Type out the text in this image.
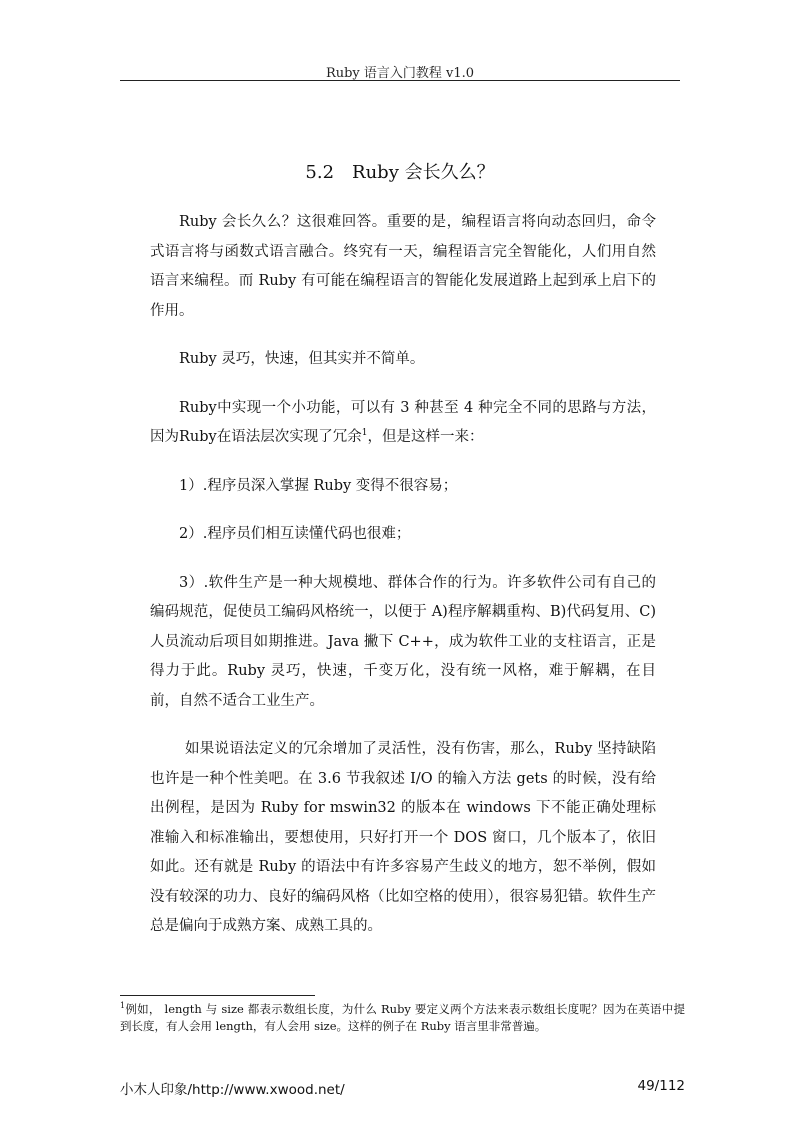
Ruby 语言入门教程 v1.0
5.2 Ruby 会长久么？

Ruby 会长久么？这很难回答。重要的是，编程语言将向动态回归，命令式语言将与函数式语言融合。终究有一天，编程语言完全智能化，人们用自然语言来编程。而 Ruby 有可能在编程语言的智能化发展道路上起到承上启下的作用。

Ruby 灵巧，快速，但其实并不简单。

Ruby中实现一个小功能，可以有 3 种甚至 4 种完全不同的思路与方法，因为Ruby在语法层次实现了冗余$^1$，但是这样一来：

1）.程序员深入掌握 Ruby 变得不很容易；

2）.程序员们相互读懂代码也很难；

3）.软件生产是一种大规模地、群体合作的行为。许多软件公司有自己的编码规范，促使员工编码风格统一，以便于 A)程序解耦重构、B)代码复用、C)人员流动后项目如期推进。Java 撇下 C++，成为软件工业的支柱语言，正是得力于此。Ruby 灵巧，快速，千变万化，没有统一风格，难于解耦，在目前，自然不适合工业生产。

如果说语法定义的冗余增加了灵活性，没有伤害，那么，Ruby 坚持缺陷也许是一种个性美吧。在 3.6 节我叙述 I/O 的输入方法 gets 的时候，没有给出例程，是因为 Ruby for mswin32 的版本在 windows 下不能正确处理标准输入和标准输出，要想使用，只好打开一个 DOS 窗口，几个版本了，依旧如此。还有就是 Ruby 的语法中有许多容易产生歧义的地方，恕不举例，假如没有较深的功力、良好的编码风格（比如空格的使用），很容易犯错。软件生产总是偏向于成熟方案、成熟工具的。

$^1$例如， length 与 size 都表示数组长度，为什么 Ruby 要定义两个方法来表示数组长度呢？因为在英语中提到长度，有人会用 length，有人会用 size。这样的例子在 Ruby 语言里非常普遍。
小木人印象/http://www.xwood.net/	49/112
